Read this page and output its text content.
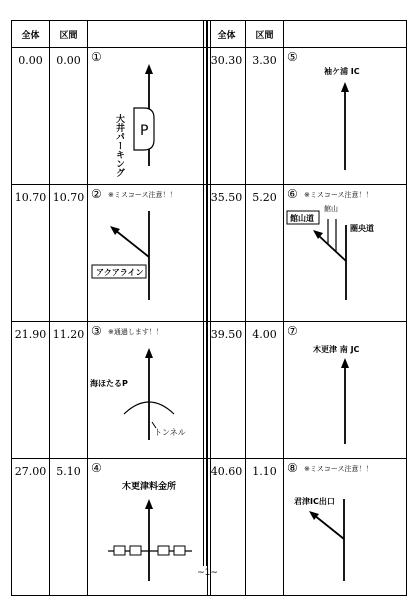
全体	区間	
0.00	0.00	①
P
大井パーキング

10.70	10.70	② ※ミスコース注意！！
アクアライン

21.90	11.20	③ ※通過します！！
海ほたるP
トンネル

27.00	5.10	④
木更津料金所
全体	区間	
30.30	3.30	⑤
袖ケ浦 IC

35.50	5.20	⑥ ※ミスコース注意！！
館山道
館山
圏央道

39.50	4.00	⑦
木更津 南 JC

40.60	1.10	⑧ ※ミスコース注意！！
君津IC出口
~1~
